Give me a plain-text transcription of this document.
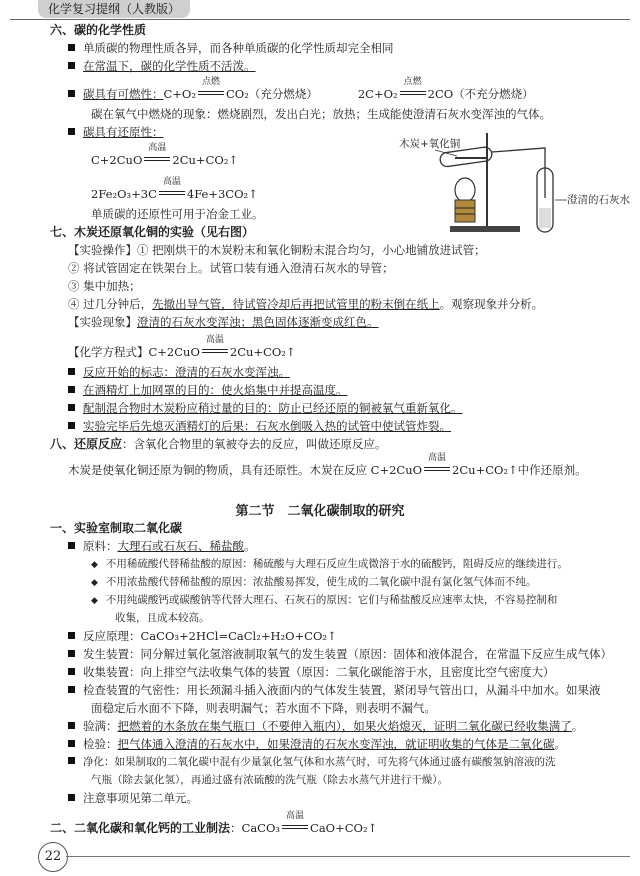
化学复习提纲（人教版）
六、碳的化学性质
单质碳的物理性质各异，而各种单质碳的化学性质却完全相同
在常温下，碳的化学性质不活泼。
碳具有可燃性：C+O₂
点燃
CO₂（充分燃烧）	2C+O₂
点燃
2CO（不充分燃烧）
碳在氧气中燃烧的现象：燃烧剧烈，发出白光；放热；生成能使澄清石灰水变浑浊的气体。
碳具有还原性：
C+2CuO
高温
2Cu+CO₂↑
2Fe₂O₃+3C
高温
4Fe+3CO₂↑
单质碳的还原性可用于冶金工业。
木炭+氧化铜
澄清的石灰水
七、木炭还原氧化铜的实验（见右图）
【实验操作】① 把刚烘干的木炭粉末和氧化铜粉末混合均匀，小心地铺放进试管；
② 将试管固定在铁架台上。试管口装有通入澄清石灰水的导管；
③ 集中加热；
④ 过几分钟后，先撤出导气管，待试管冷却后再把试管里的粉末倒在纸上。观察现象并分析。
【实验现象】澄清的石灰水变浑浊；黑色固体逐渐变成红色。
【化学方程式】C+2CuO
高温
2Cu+CO₂↑
反应开始的标志：澄清的石灰水变浑浊。
在酒精灯上加网罩的目的：使火焰集中并提高温度。
配制混合物时木炭粉应稍过量的目的：防止已经还原的铜被氧气重新氧化。
实验完毕后先熄灭酒精灯的后果：石灰水倒吸入热的试管中使试管炸裂。
八、还原反应：含氧化合物里的氧被夺去的反应，叫做还原反应。
木炭是使氧化铜还原为铜的物质，具有还原性。木炭在反应 C+2CuO
高温
2Cu+CO₂↑中作还原剂。
第二节　二氧化碳制取的研究
一、实验室制取二氧化碳
原料：大理石或石灰石、稀盐酸。
◆ 不用稀硫酸代替稀盐酸的原因：稀硫酸与大理石反应生成微溶于水的硫酸钙，阻碍反应的继续进行。
◆ 不用浓盐酸代替稀盐酸的原因：浓盐酸易挥发，使生成的二氧化碳中混有氯化氢气体而不纯。
◆ 不用纯碳酸钙或碳酸钠等代替大理石、石灰石的原因：它们与稀盐酸反应速率太快，不容易控制和
收集，且成本较高。
反应原理：CaCO₃+2HCl=CaCl₂+H₂O+CO₂↑
发生装置：同分解过氧化氢溶液制取氧气的发生装置（原因：固体和液体混合，在常温下反应生成气体）
收集装置：向上排空气法收集气体的装置（原因：二氧化碳能溶于水，且密度比空气密度大）
检查装置的气密性：用长颈漏斗插入液面内的气体发生装置，紧闭导气管出口，从漏斗中加水。如果液
面稳定后水面不下降，则表明漏气；若水面不下降，则表明不漏气。
验满：把燃着的木条放在集气瓶口（不要伸入瓶内），如果火焰熄灭，证明二氧化碳已经收集满了。
检验：把气体通入澄清的石灰水中，如果澄清的石灰水变浑浊，就证明收集的气体是二氧化碳。
净化：如果制取的二氧化碳中混有少量氯化氢气体和水蒸气时，可先将气体通过盛有碳酸氢钠溶液的洗
气瓶（除去氯化氢），再通过盛有浓硫酸的洗气瓶（除去水蒸气并进行干燥）。
注意事项见第二单元。
二、二氧化碳和氧化钙的工业制法：CaCO₃
高温
CaO+CO₂↑
22
